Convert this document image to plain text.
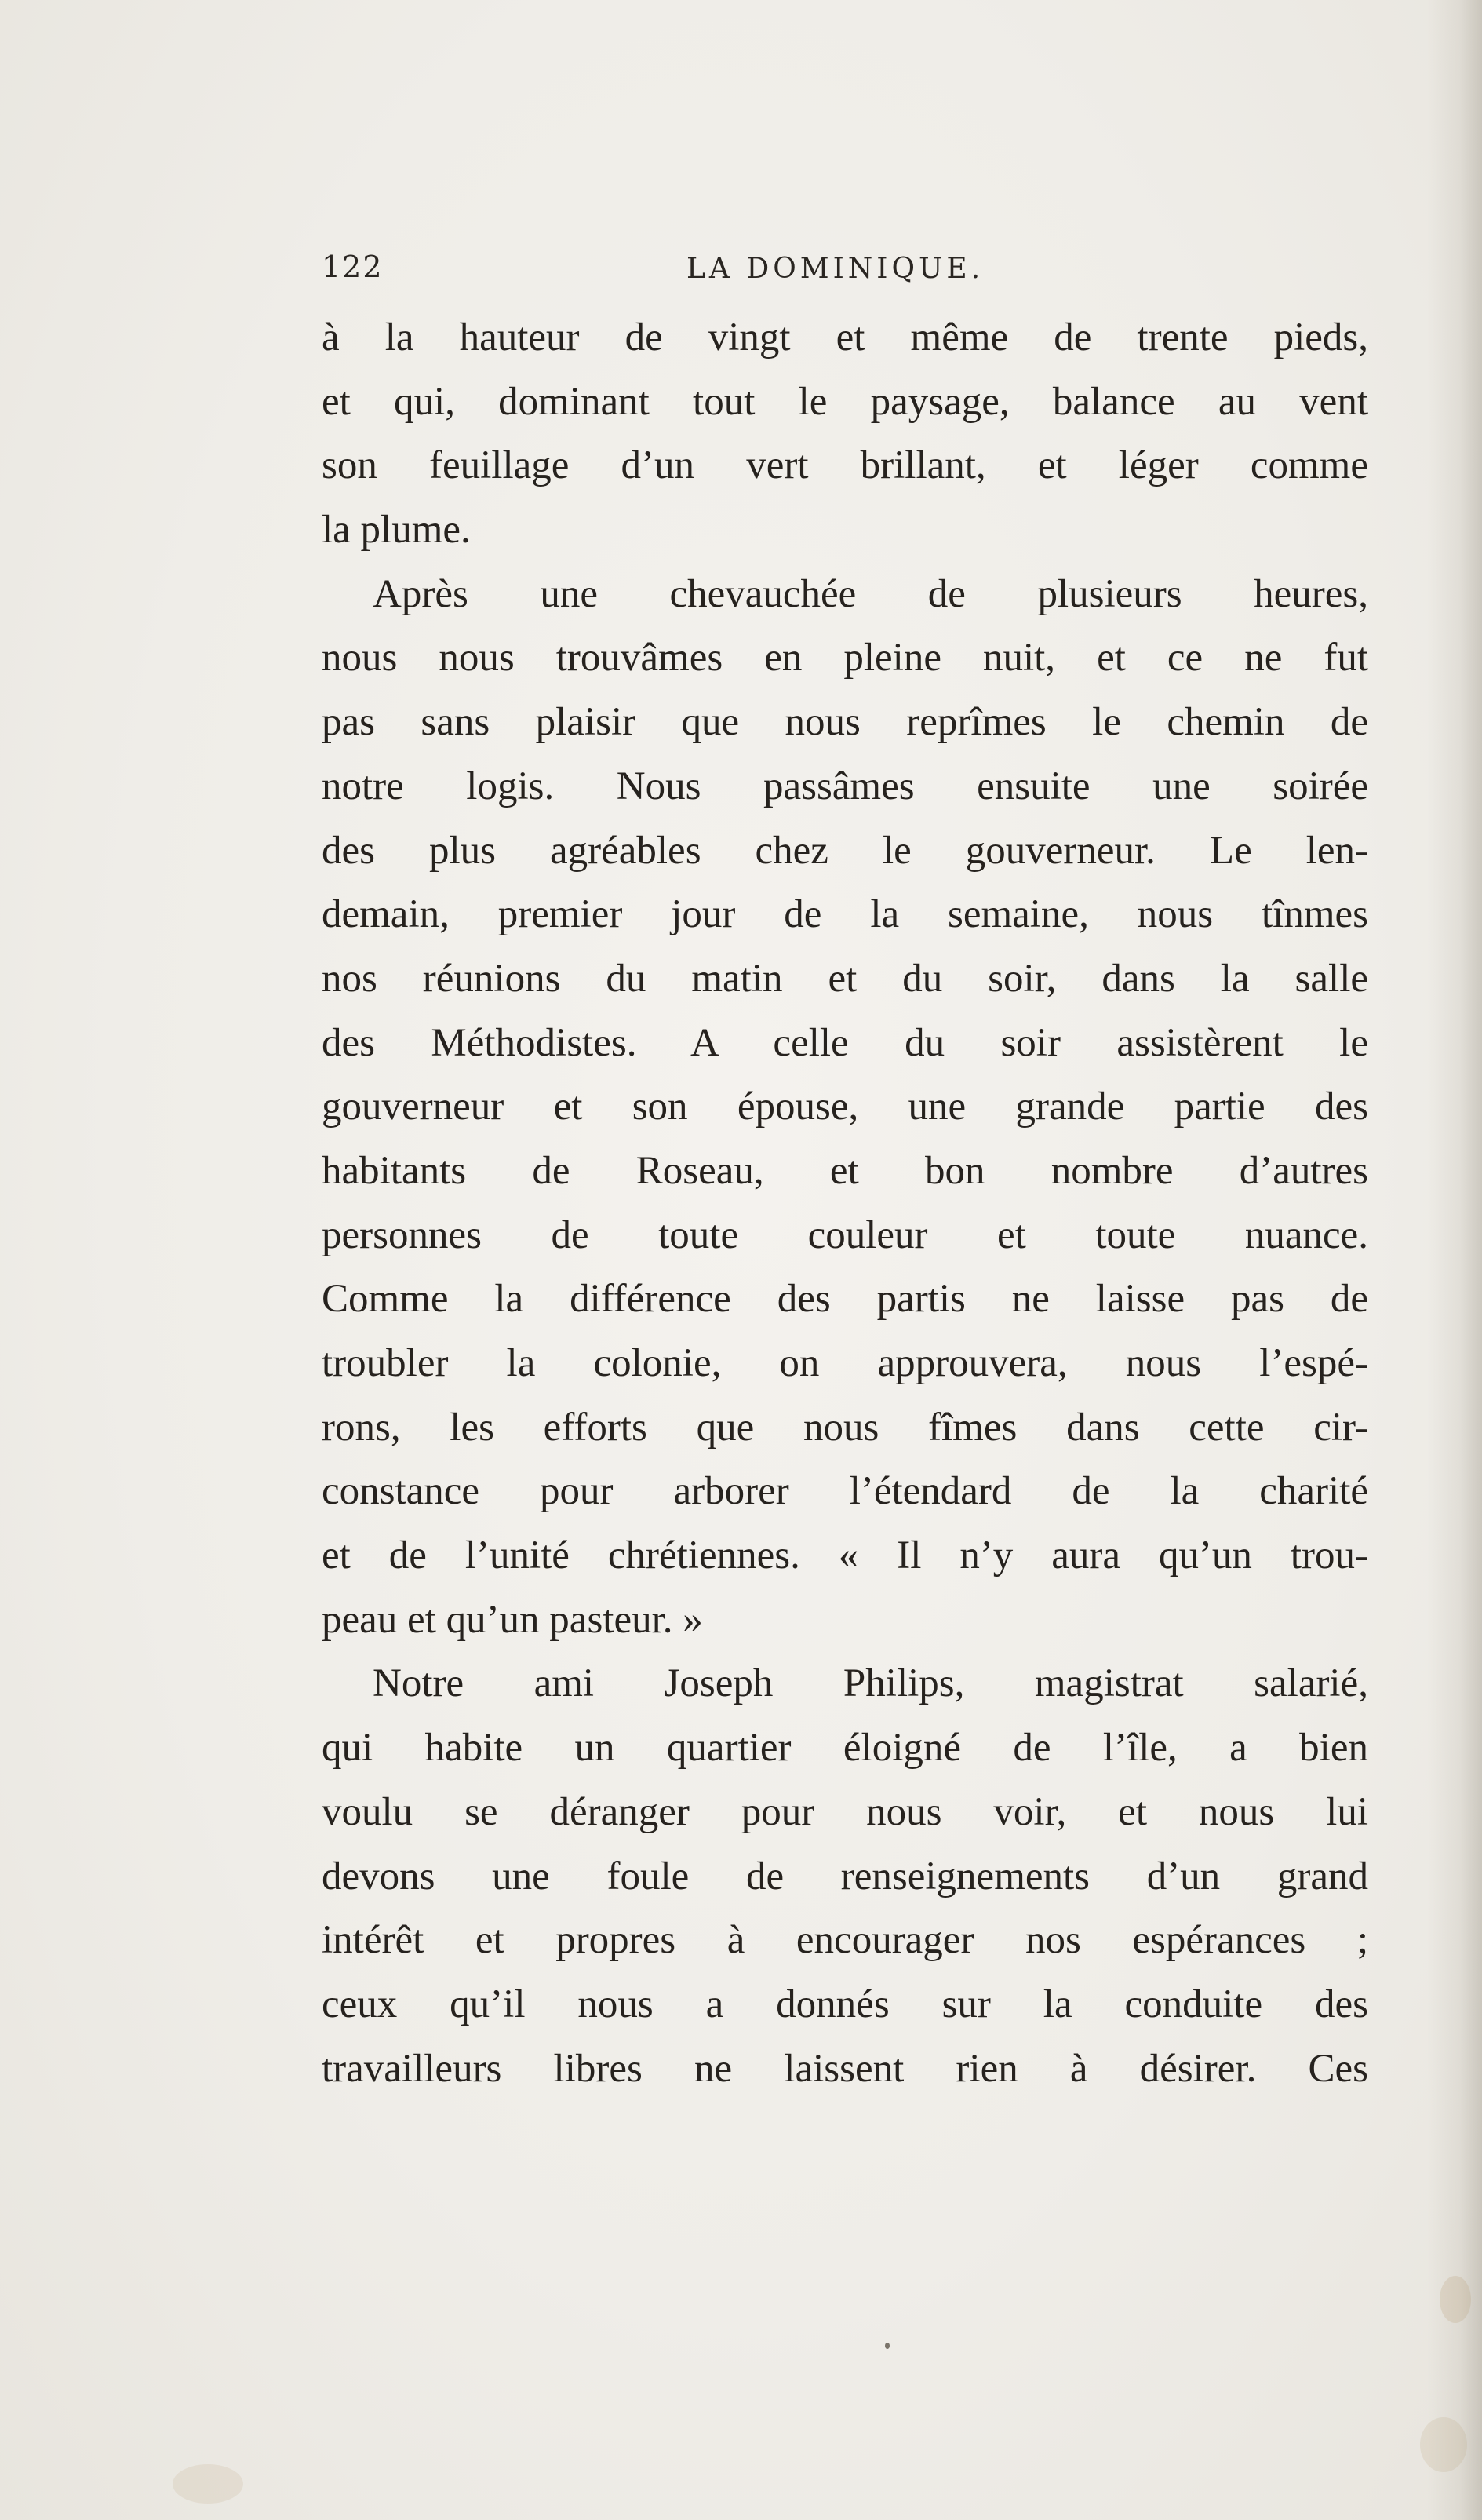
122	LA DOMINIQUE.
à la hauteur de vingt et même de trente pieds,
et qui, dominant tout le paysage, balance au vent
son feuillage d’un vert brillant, et léger comme
la plume.
Après une chevauchée de plusieurs heures,
nous nous trouvâmes en pleine nuit, et ce ne fut
pas sans plaisir que nous reprîmes le chemin de
notre logis. Nous passâmes ensuite une soirée
des plus agréables chez le gouverneur. Le len-
demain, premier jour de la semaine, nous tînmes
nos réunions du matin et du soir, dans la salle
des Méthodistes. A celle du soir assistèrent le
gouverneur et son épouse, une grande partie des
habitants de Roseau, et bon nombre d’autres
personnes de toute couleur et toute nuance.
Comme la différence des partis ne laisse pas de
troubler la colonie, on approuvera, nous l’espé-
rons, les efforts que nous fîmes dans cette cir-
constance pour arborer l’étendard de la charité
et de l’unité chrétiennes. « Il n’y aura qu’un trou-
peau et qu’un pasteur. »
Notre ami Joseph Philips, magistrat salarié,
qui habite un quartier éloigné de l’île, a bien
voulu se déranger pour nous voir, et nous lui
devons une foule de renseignements d’un grand
intérêt et propres à encourager nos espérances ;
ceux qu’il nous a donnés sur la conduite des
travailleurs libres ne laissent rien à désirer. Ces
